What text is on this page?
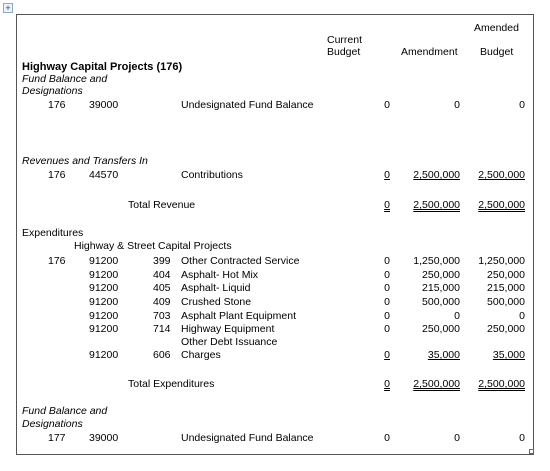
+
Current
Budget	Amendment
Amended
Budget
Highway Capital Projects (176)
Fund Balance and
Designations
176 39000	Undesignated Fund Balance	0	0	0
Revenues and Transfers In
176 44570	Contributions	0 2,500,000 2,500,000
Total Revenue	0 2,500,000 2,500,000
Expenditures
Highway & Street Capital Projects
176 91200	399 Other Contracted Service	0 1,250,000 1,250,000
91200	404 Asphalt- Hot Mix	0	250,000	250,000
91200	405 Asphalt- Liquid	0	215,000	215,000
91200	409 Crushed Stone	0	500,000	500,000
91200	703 Asphalt Plant Equipment	0	0	0
91200	714 Highway Equipment	0	250,000	250,000
Other Debt Issuance
91200	606 Charges	0	35,000	35,000
Total Expenditures	0 2,500,000 2,500,000
Fund Balance and
Designations
177 39000	Undesignated Fund Balance	0	0	0
